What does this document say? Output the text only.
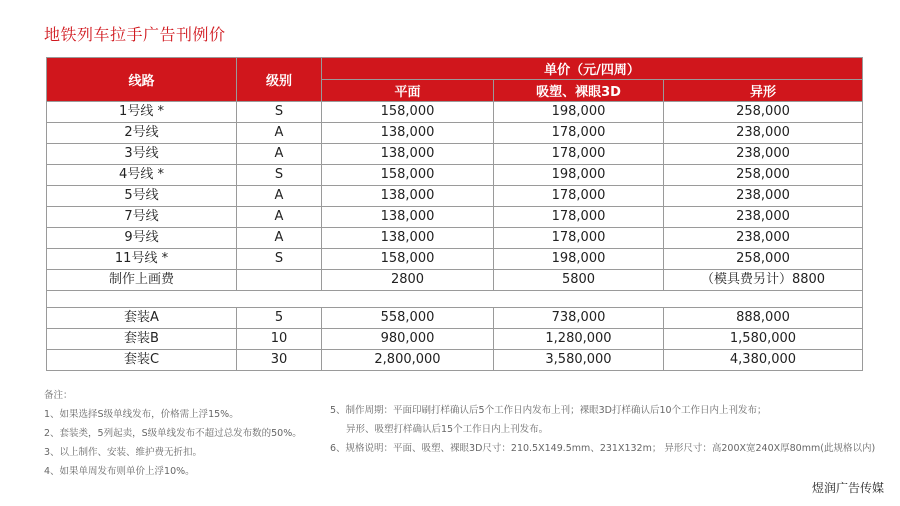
地铁列车拉手广告刊例价
线路	级别	单价（元/四周）		
		平面	吸塑、裸眼3D	异形
1号线 *	S	158,000	198,000	258,000
2号线	A	138,000	178,000	238,000
3号线	A	138,000	178,000	238,000
4号线 *	S	158,000	198,000	258,000
5号线	A	138,000	178,000	238,000
7号线	A	138,000	178,000	238,000
9号线	A	138,000	178,000	238,000
11号线 *	S	158,000	198,000	258,000
制作上画费		2800	5800	（模具费另计）8800

套装A	5	558,000	738,000	888,000
套装B	10	980,000	1,280,000	1,580,000
套装C	30	2,800,000	3,580,000	4,380,000
备注：
1、如果选择S级单线发布，价格需上浮15%。
2、套装类，5列起卖，S级单线发布不超过总发布数的50%。
3、以上制作、安装、维护费无折扣。
4、如果单周发布则单价上浮10%。
5、制作周期：平面印刷打样确认后5个工作日内发布上刊；裸眼3D打样确认后10个工作日内上刊发布；
异形、吸塑打样确认后15个工作日内上刊发布。
6、规格说明：平面、吸塑、裸眼3D尺寸：210.5X149.5mm、231X132m； 异形尺寸：高200X宽240X厚80mm(此规格以内)
煜润广告传媒
